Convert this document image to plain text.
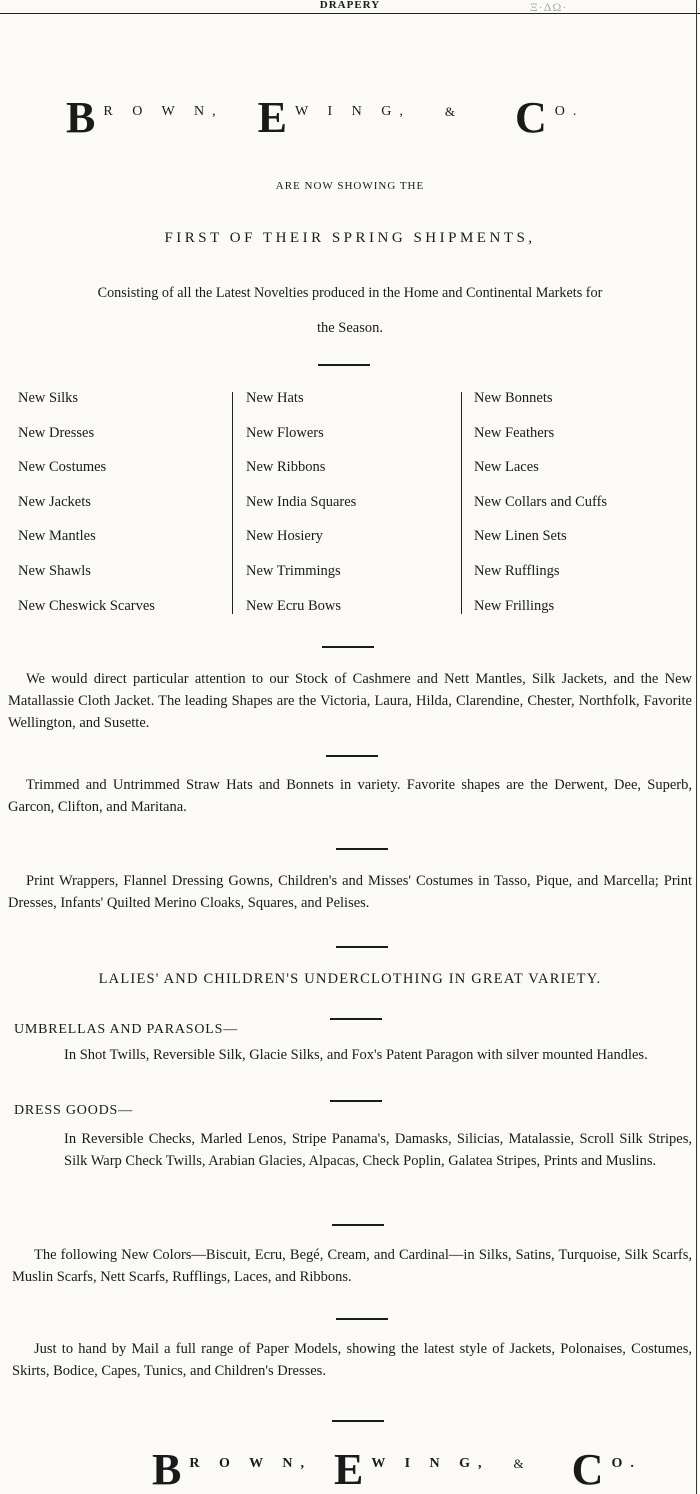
DRAPERY	Ξ·ΔΩ·
B R O W N, E W I N G,	& C O.
ARE NOW SHOWING THE
FIRST OF THEIR SPRING SHIPMENTS,
Consisting of all the Latest Novelties produced in the Home and Continental Markets for
the Season.
New Silks
New Dresses
New Costumes
New Jackets
New Mantles
New Shawls
New Cheswick Scarves
New Hats
New Flowers
New Ribbons
New India Squares
New Hosiery
New Trimmings
New Ecru Bows
New Bonnets
New Feathers
New Laces
New Collars and Cuffs
New Linen Sets
New Rufflings
New Frillings
We would direct particular attention to our Stock of Cashmere and Nett Mantles, Silk Jackets, and the New Matallassie Cloth Jacket. The leading Shapes are the Victoria, Laura, Hilda, Clarendine, Chester, Northfolk, Favorite Wellington, and Susette.
Trimmed and Untrimmed Straw Hats and Bonnets in variety. Favorite shapes are the Derwent, Dee, Superb, Garcon, Clifton, and Maritana.
Print Wrappers, Flannel Dressing Gowns, Children's and Misses' Costumes in Tasso, Pique, and Marcella; Print Dresses, Infants' Quilted Merino Cloaks, Squares, and Pelises.
LALIES' AND CHILDREN'S UNDERCLOTHING IN GREAT VARIETY.
UMBRELLAS AND PARASOLS—
In Shot Twills, Reversible Silk, Glacie Silks, and Fox's Patent Paragon with silver mounted Handles.
DRESS GOODS—
In Reversible Checks, Marled Lenos, Stripe Panama's, Damasks, Silicias, Matalassie, Scroll Silk Stripes, Silk Warp Check Twills, Arabian Glacies, Alpacas, Check Poplin, Galatea Stripes, Prints and Muslins.
The following New Colors—Biscuit, Ecru, Begé, Cream, and Cardinal—in Silks, Satins, Turquoise, Silk Scarfs, Muslin Scarfs, Nett Scarfs, Rufflings, Laces, and Ribbons.
Just to hand by Mail a full range of Paper Models, showing the latest style of Jackets, Polonaises, Costumes, Skirts, Bodice, Capes, Tunics, and Children's Dresses.
B R O W N, E W I N G, & C O.
